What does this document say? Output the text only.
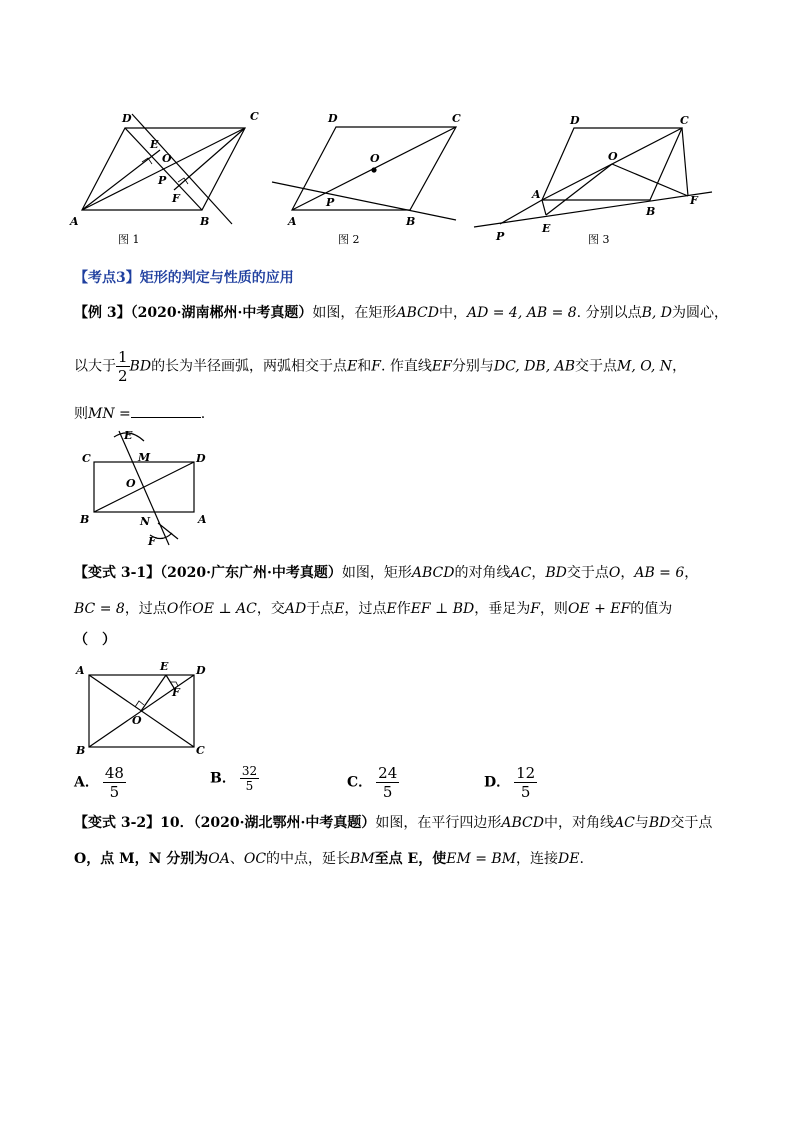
A	B
C
D
E
O
P
F
图 1
A	B
C
D
O
P
图 2
A
B
C
D
E
F
O
P	图 3
【考点3】矩形的判定与性质的应用
【例 3】（2020·湖南郴州·中考真题）如图，在矩形ABCD中，AD = 4, AB = 8. 分别以点B, D为圆心，
以大于 $\frac{1}{2}$ BD的长为半径画弧，两弧相交于点E和F. 作直线EF分别与DC, DB, AB交于点M, O, N，
则MN =	.
C	D
B	A
M
O
N
E
F
【变式 3-1】（2020·广东广州·中考真题）如图，矩形ABCD的对角线AC，BD交于点O，AB = 6，
BC = 8，过点O作OE ⊥ AC，交AD于点E，过点E作EF ⊥ BD，垂足为F，则OE + EF的值为
（　）
A	D
B	C
E
F
O
A． $\frac{48}{5}$	B． $\frac{32}{5}$	C． $\frac{24}{5}$	D． $\frac{12}{5}$
【变式 3-2】10．（2020·湖北鄂州·中考真题）如图，在平行四边形ABCD中，对角线AC与BD交于点
O，点 M，N 分别为OA、OC的中点，延长BM至点 E，使EM = BM，连接DE.
